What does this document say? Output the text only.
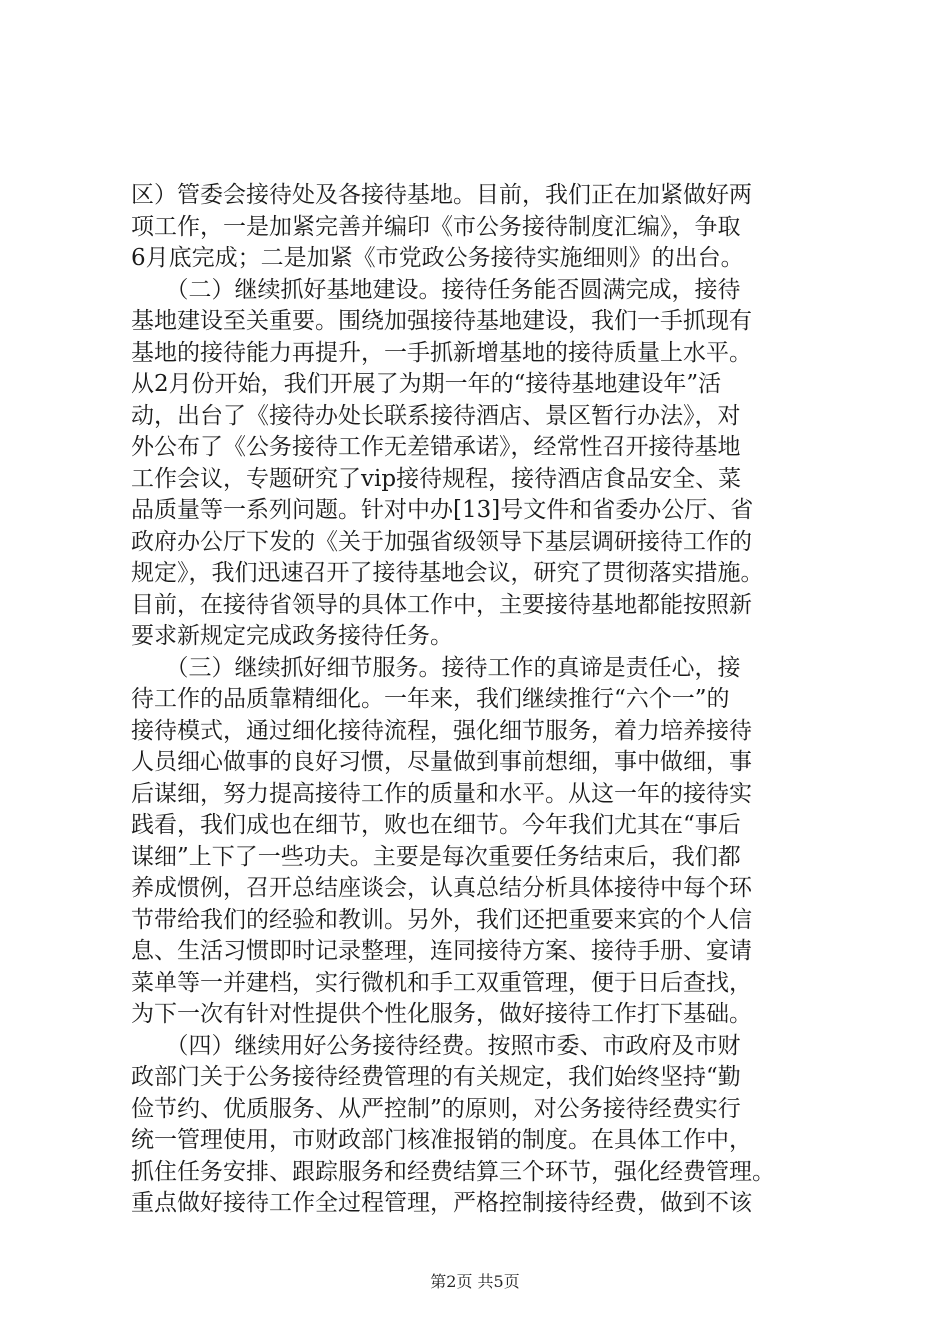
区）管委会接待处及各接待基地。目前，我们正在加紧做好两
项工作，一是加紧完善并编印《市公务接待制度汇编》，争取
6月底完成；二是加紧《市党政公务接待实施细则》的出台。
　　（二）继续抓好基地建设。接待任务能否圆满完成，接待
基地建设至关重要。围绕加强接待基地建设，我们一手抓现有
基地的接待能力再提升，一手抓新增基地的接待质量上水平。
从2月份开始，我们开展了为期一年的“接待基地建设年”活
动，出台了《接待办处长联系接待酒店、景区暂行办法》，对
外公布了《公务接待工作无差错承诺》，经常性召开接待基地
工作会议，专题研究了vip接待规程，接待酒店食品安全、菜
品质量等一系列问题。针对中办[13]号文件和省委办公厅、省
政府办公厅下发的《关于加强省级领导下基层调研接待工作的
规定》，我们迅速召开了接待基地会议，研究了贯彻落实措施。
目前，在接待省领导的具体工作中，主要接待基地都能按照新
要求新规定完成政务接待任务。
　　（三）继续抓好细节服务。接待工作的真谛是责任心，接
待工作的品质靠精细化。一年来，我们继续推行“六个一”的
接待模式，通过细化接待流程，强化细节服务，着力培养接待
人员细心做事的良好习惯，尽量做到事前想细，事中做细，事
后谋细，努力提高接待工作的质量和水平。从这一年的接待实
践看，我们成也在细节，败也在细节。今年我们尤其在“事后
谋细”上下了一些功夫。主要是每次重要任务结束后，我们都
养成惯例，召开总结座谈会，认真总结分析具体接待中每个环
节带给我们的经验和教训。另外，我们还把重要来宾的个人信
息、生活习惯即时记录整理，连同接待方案、接待手册、宴请
菜单等一并建档，实行微机和手工双重管理，便于日后查找，
为下一次有针对性提供个性化服务，做好接待工作打下基础。
　　（四）继续用好公务接待经费。按照市委、市政府及市财
政部门关于公务接待经费管理的有关规定，我们始终坚持“勤
俭节约、优质服务、从严控制”的原则，对公务接待经费实行
统一管理使用，市财政部门核准报销的制度。在具体工作中，
抓住任务安排、跟踪服务和经费结算三个环节，强化经费管理。
重点做好接待工作全过程管理，严格控制接待经费，做到不该
第2页 共5页
